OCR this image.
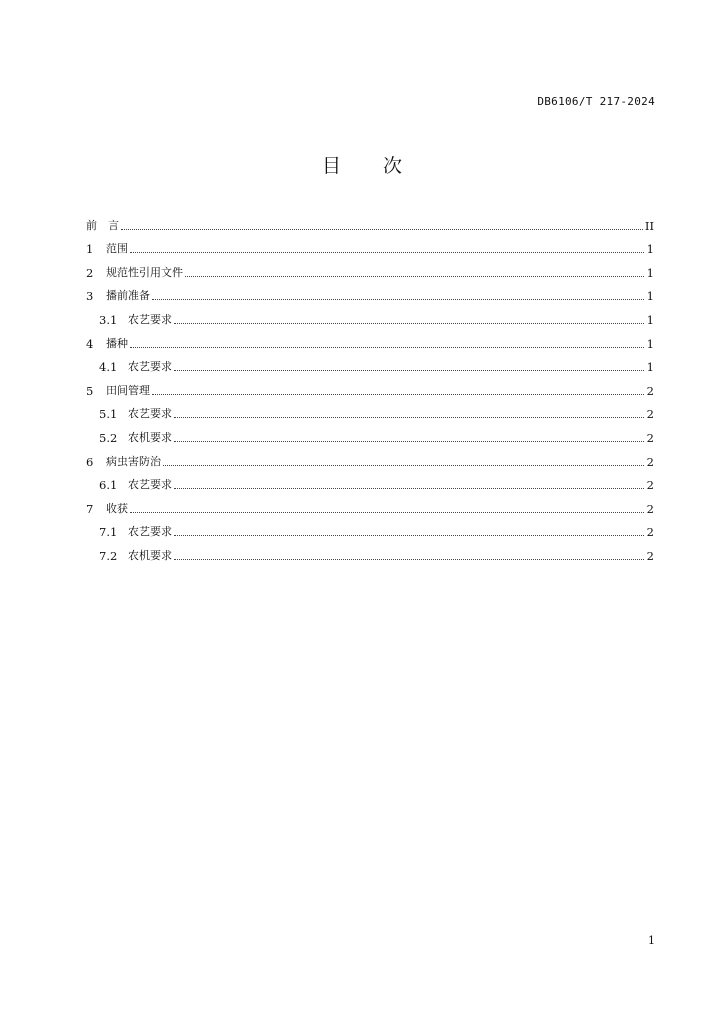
DB6106/T 217-2024
目 次
前　言	II
1	范围	1
2	规范性引用文件	1
3	播前准备	1
3.1 农艺要求	1
4	播种	1
4.1 农艺要求	1
5	田间管理	2
5.1 农艺要求	2
5.2 农机要求	2
6	病虫害防治	2
6.1 农艺要求	2
7	收获	2
7.1 农艺要求	2
7.2 农机要求	2
1
